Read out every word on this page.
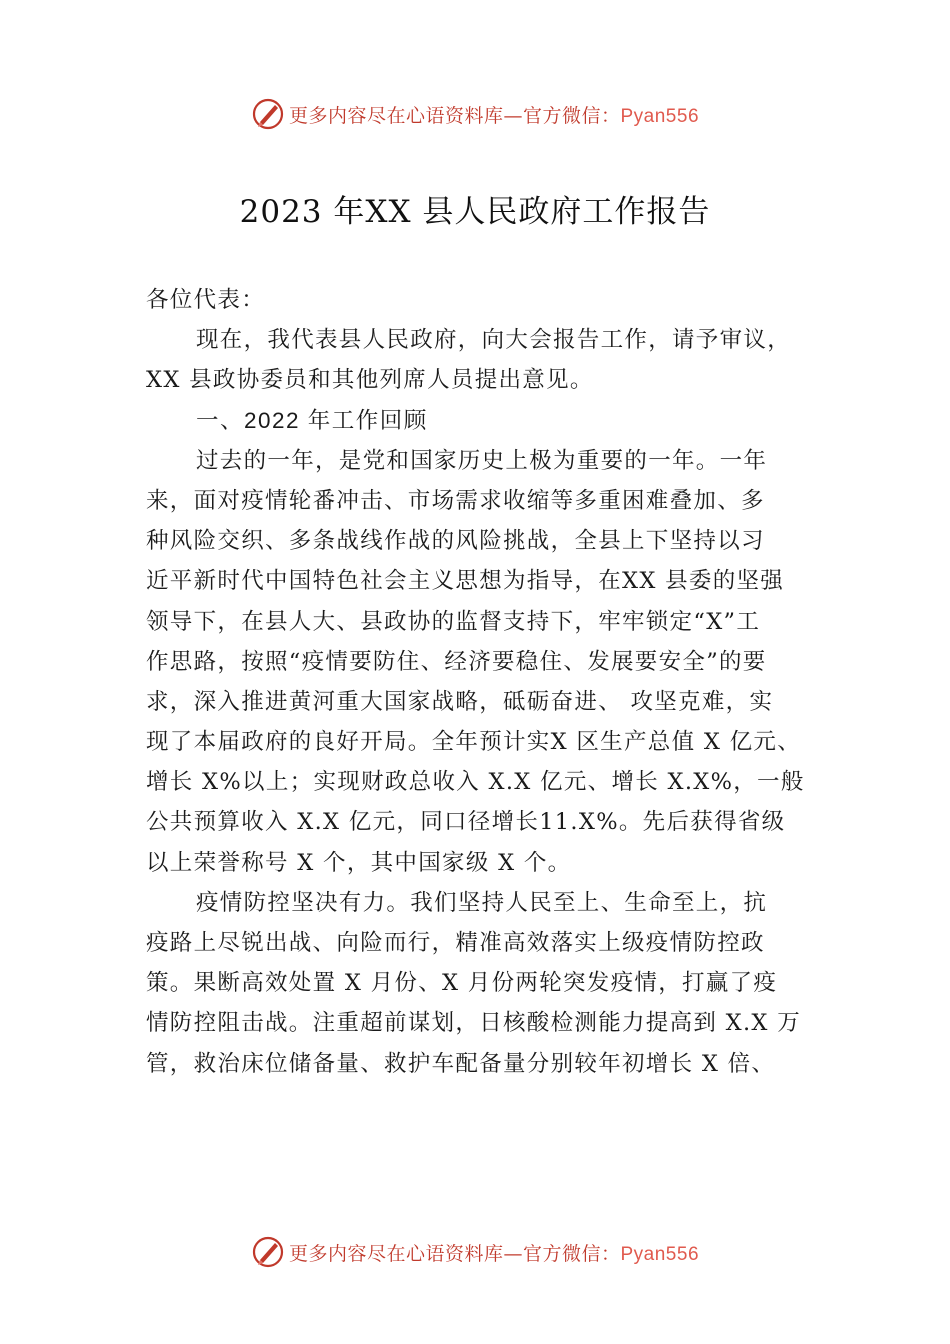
更多内容尽在心语资料库—官方微信：Pyan556
2023 年XX 县人民政府工作报告
各位代表：
现在，我代表县人民政府，向大会报告工作，请予审议，
XX 县政协委员和其他列席人员提出意见。
一、2022 年工作回顾
过去的一年，是党和国家历史上极为重要的一年。一年
来，面对疫情轮番冲击、市场需求收缩等多重困难叠加、多
种风险交织、多条战线作战的风险挑战，全县上下坚持以习
近平新时代中国特色社会主义思想为指导，在XX 县委的坚强
领导下，在县人大、县政协的监督支持下，牢牢锁定“X”工
作思路，按照“疫情要防住、经济要稳住、发展要安全”的要
求，深入推进黄河重大国家战略，砥砺奋进、 攻坚克难，实
现了本届政府的良好开局。全年预计实X 区生产总值 X 亿元、
增长 X%以上；实现财政总收入 X.X 亿元、增长 X.X%，一般
公共预算收入 X.X 亿元，同口径增长11.X%。先后获得省级
以上荣誉称号 X 个，其中国家级 X 个。
疫情防控坚决有力。我们坚持人民至上、生命至上，抗
疫路上尽锐出战、向险而行，精准高效落实上级疫情防控政
策。果断高效处置 X 月份、X 月份两轮突发疫情，打赢了疫
情防控阻击战。注重超前谋划，日核酸检测能力提高到 X.X 万
管，救治床位储备量、救护车配备量分别较年初增长 X 倍、
更多内容尽在心语资料库—官方微信：Pyan556
